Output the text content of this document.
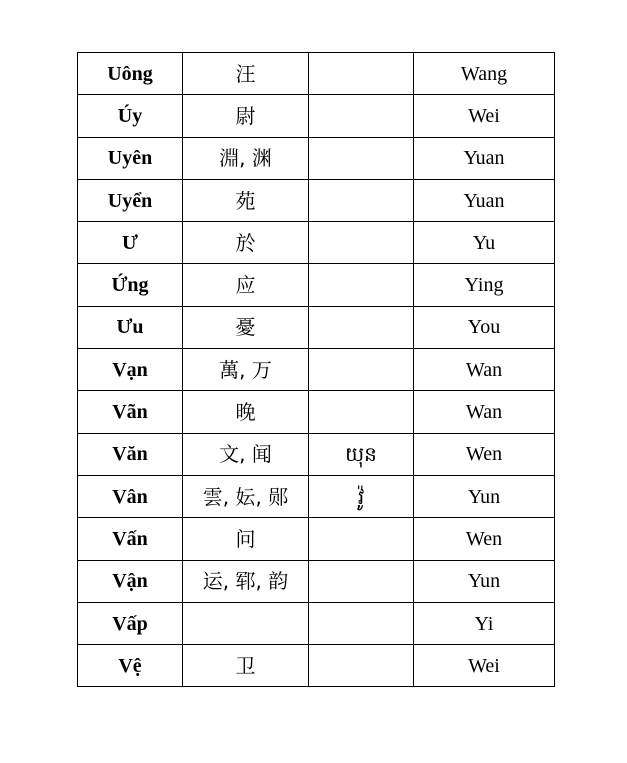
Uông	汪		Wang
Úy	尉		Wei
Uyên	淵, 渊		Yuan
Uyển	苑		Yuan
Ư	於		Yu
Ứng	应		Ying
Ưu	憂		You
Vạn	萬, 万		Wan
Vãn	晚		Wan
Văn	文, 闻	យុន	Wen
Vân	雲, 妘, 郧	វ៉ូ	Yun
Vấn	问		Wen
Vận	运, 郓, 韵		Yun
Vấp			Yi
Vệ	卫		Wei
